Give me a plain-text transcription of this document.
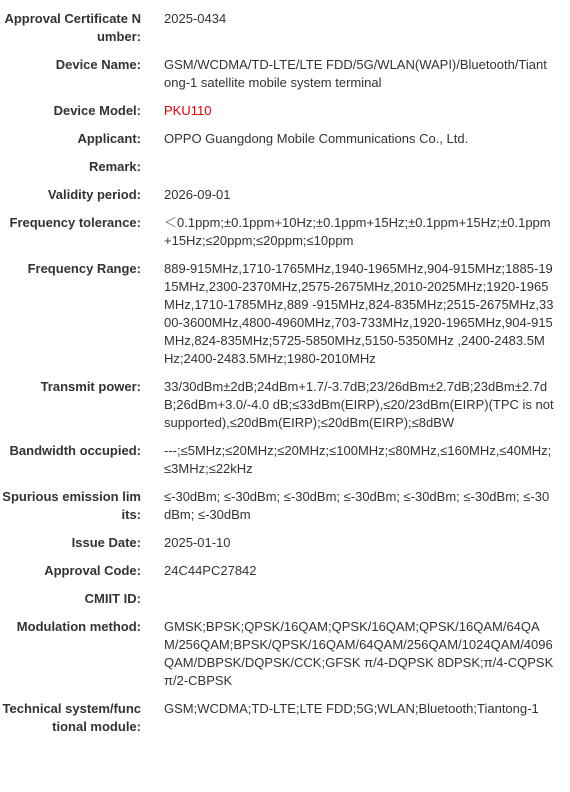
Approval Certificate Number:
2025-0434
Device Name: GSM/WCDMA/TD-LTE/LTE FDD/5G/WLAN(WAPI)/Bluetooth/Tiantong-1 satellite mobile system terminal
Device Model: PKU110
Applicant: OPPO Guangdong Mobile Communications Co., Ltd.
Remark:
Validity period: 2026-09-01
Frequency tolerance: ＜0.1ppm;±0.1ppm+10Hz;±0.1ppm+15Hz;±0.1ppm+15Hz;±0.1ppm+15Hz;≤20ppm;≤20ppm;≤10ppm
Frequency Range: 889-915MHz,1710-1765MHz,1940-1965MHz,904-915MHz;1885-1915MHz,2300-2370MHz,2575-2675MHz,2010-2025MHz;1920-1965MHz,1710-1785MHz,889 -915MHz,824-835MHz;2515-2675MHz,3300-3600MHz,4800-4960MHz,703-733MHz,1920-1965MHz,904-915MHz,824-835MHz;5725-5850MHz,5150-5350MHz ,2400-2483.5MHz;2400-2483.5MHz;1980-2010MHz
Transmit power: 33/30dBm±2dB;24dBm+1.7/-3.7dB;23/26dBm±2.7dB;23dBm±2.7dB;26dBm+3.0/-4.0 dB;≤33dBm(EIRP),≤20/23dBm(EIRP)(TPC is not supported),≤20dBm(EIRP);≤20dBm(EIRP);≤8dBW
Bandwidth occupied: ---;≤5MHz;≤20MHz;≤20MHz;≤100MHz;≤80MHz,≤160MHz,≤40MHz;≤3MHz;≤22kHz
Spurious emission limits:
≤-30dBm; ≤-30dBm; ≤-30dBm; ≤-30dBm; ≤-30dBm; ≤-30dBm; ≤-30dBm; ≤-30dBm
Issue Date: 2025-01-10
Approval Code: 24C44PC27842
CMIIT ID:
Modulation method: GMSK;BPSK;QPSK/16QAM;QPSK/16QAM;QPSK/16QAM/64QAM/256QAM;BPSK/QPSK/16QAM/64QAM/256QAM/1024QAM/4096QAM/DBPSK/DQPSK/CCK;GFSK π/4-DQPSK 8DPSK;π/4-CQPSK π/2-CBPSK
Technical system/functional module:
GSM;WCDMA;TD-LTE;LTE FDD;5G;WLAN;Bluetooth;Tiantong-1
